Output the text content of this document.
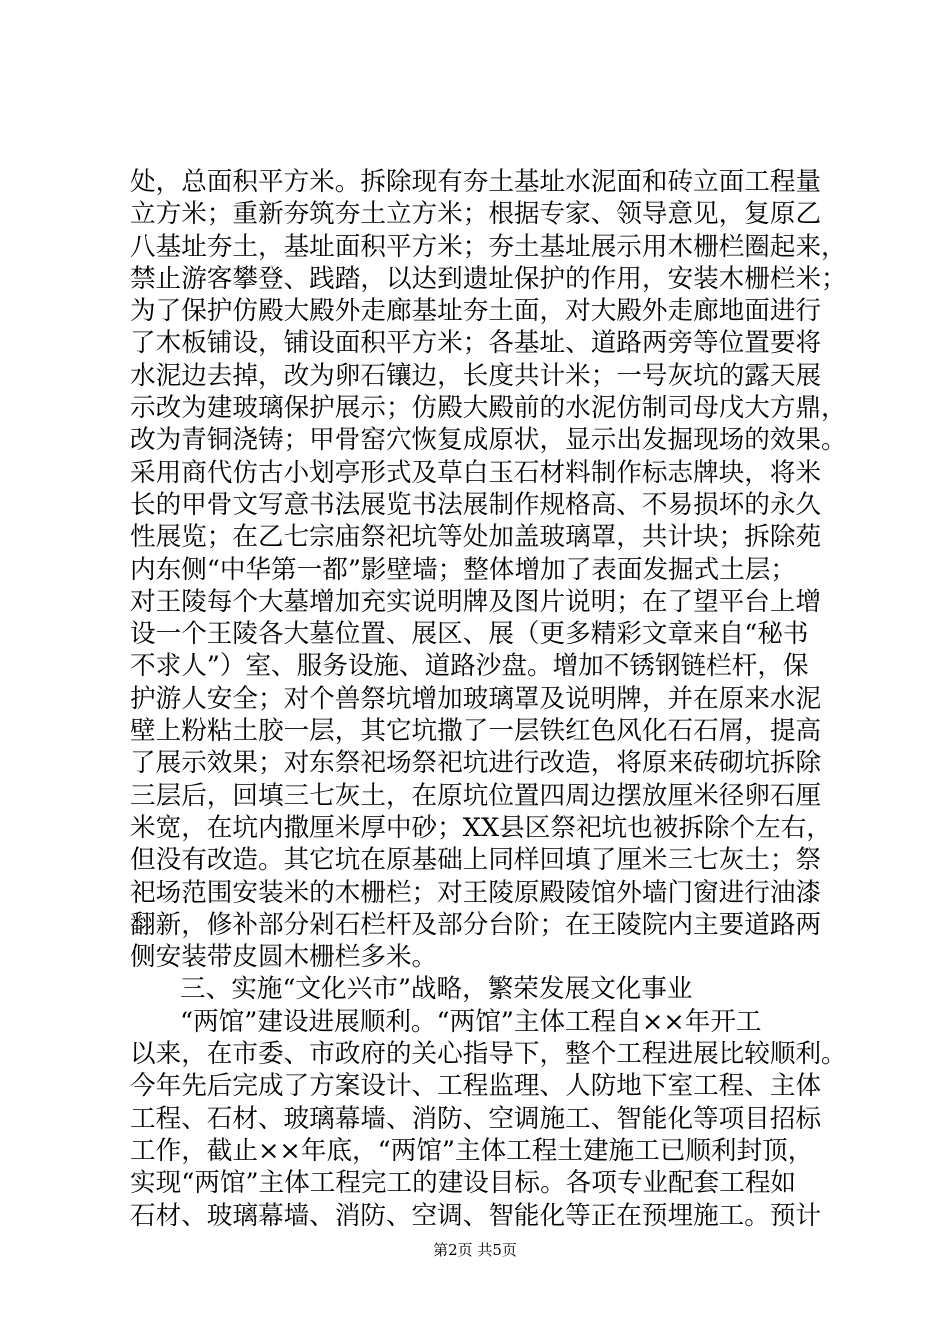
处，总面积平方米。拆除现有夯土基址水泥面和砖立面工程量
立方米；重新夯筑夯土立方米；根据专家、领导意见，复原乙
八基址夯土，基址面积平方米；夯土基址展示用木栅栏圈起来，
禁止游客攀登、践踏，以达到遗址保护的作用，安装木栅栏米；
为了保护仿殿大殿外走廊基址夯土面，对大殿外走廊地面进行
了木板铺设，铺设面积平方米；各基址、道路两旁等位置要将
水泥边去掉，改为卵石镶边，长度共计米；一号灰坑的露天展
示改为建玻璃保护展示；仿殿大殿前的水泥仿制司母戊大方鼎，
改为青铜浇铸；甲骨窑穴恢复成原状，显示出发掘现场的效果。
采用商代仿古小划亭形式及草白玉石材料制作标志牌块，将米
长的甲骨文写意书法展览书法展制作规格高、不易损坏的永久
性展览；在乙七宗庙祭祀坑等处加盖玻璃罩，共计块；拆除苑
内东侧“中华第一都”影壁墙；整体增加了表面发掘式土层；
对王陵每个大墓增加充实说明牌及图片说明；在了望平台上增
设一个王陵各大墓位置、展区、展（更多精彩文章来自“秘书
不求人”）室、服务设施、道路沙盘。增加不锈钢链栏杆，保
护游人安全；对个兽祭坑增加玻璃罩及说明牌，并在原来水泥
壁上粉粘土胶一层，其它坑撒了一层铁红色风化石石屑，提高
了展示效果；对东祭祀场祭祀坑进行改造，将原来砖砌坑拆除
三层后，回填三七灰土，在原坑位置四周边摆放厘米径卵石厘
米宽，在坑内撒厘米厚中砂；XX县区祭祀坑也被拆除个左右，
但没有改造。其它坑在原基础上同样回填了厘米三七灰土；祭
祀场范围安装米的木栅栏；对王陵原殿陵馆外墙门窗进行油漆
翻新，修补部分剁石栏杆及部分台阶；在王陵院内主要道路两
侧安装带皮圆木栅栏多米。
三、实施“文化兴市”战略，繁荣发展文化事业
“两馆”建设进展顺利。“两馆”主体工程自××年开工
以来，在市委、市政府的关心指导下，整个工程进展比较顺利。
今年先后完成了方案设计、工程监理、人防地下室工程、主体
工程、石材、玻璃幕墙、消防、空调施工、智能化等项目招标
工作，截止××年底，“两馆”主体工程土建施工已顺利封顶，
实现“两馆”主体工程完工的建设目标。各项专业配套工程如
石材、玻璃幕墙、消防、空调、智能化等正在预埋施工。预计
第2页 共5页
